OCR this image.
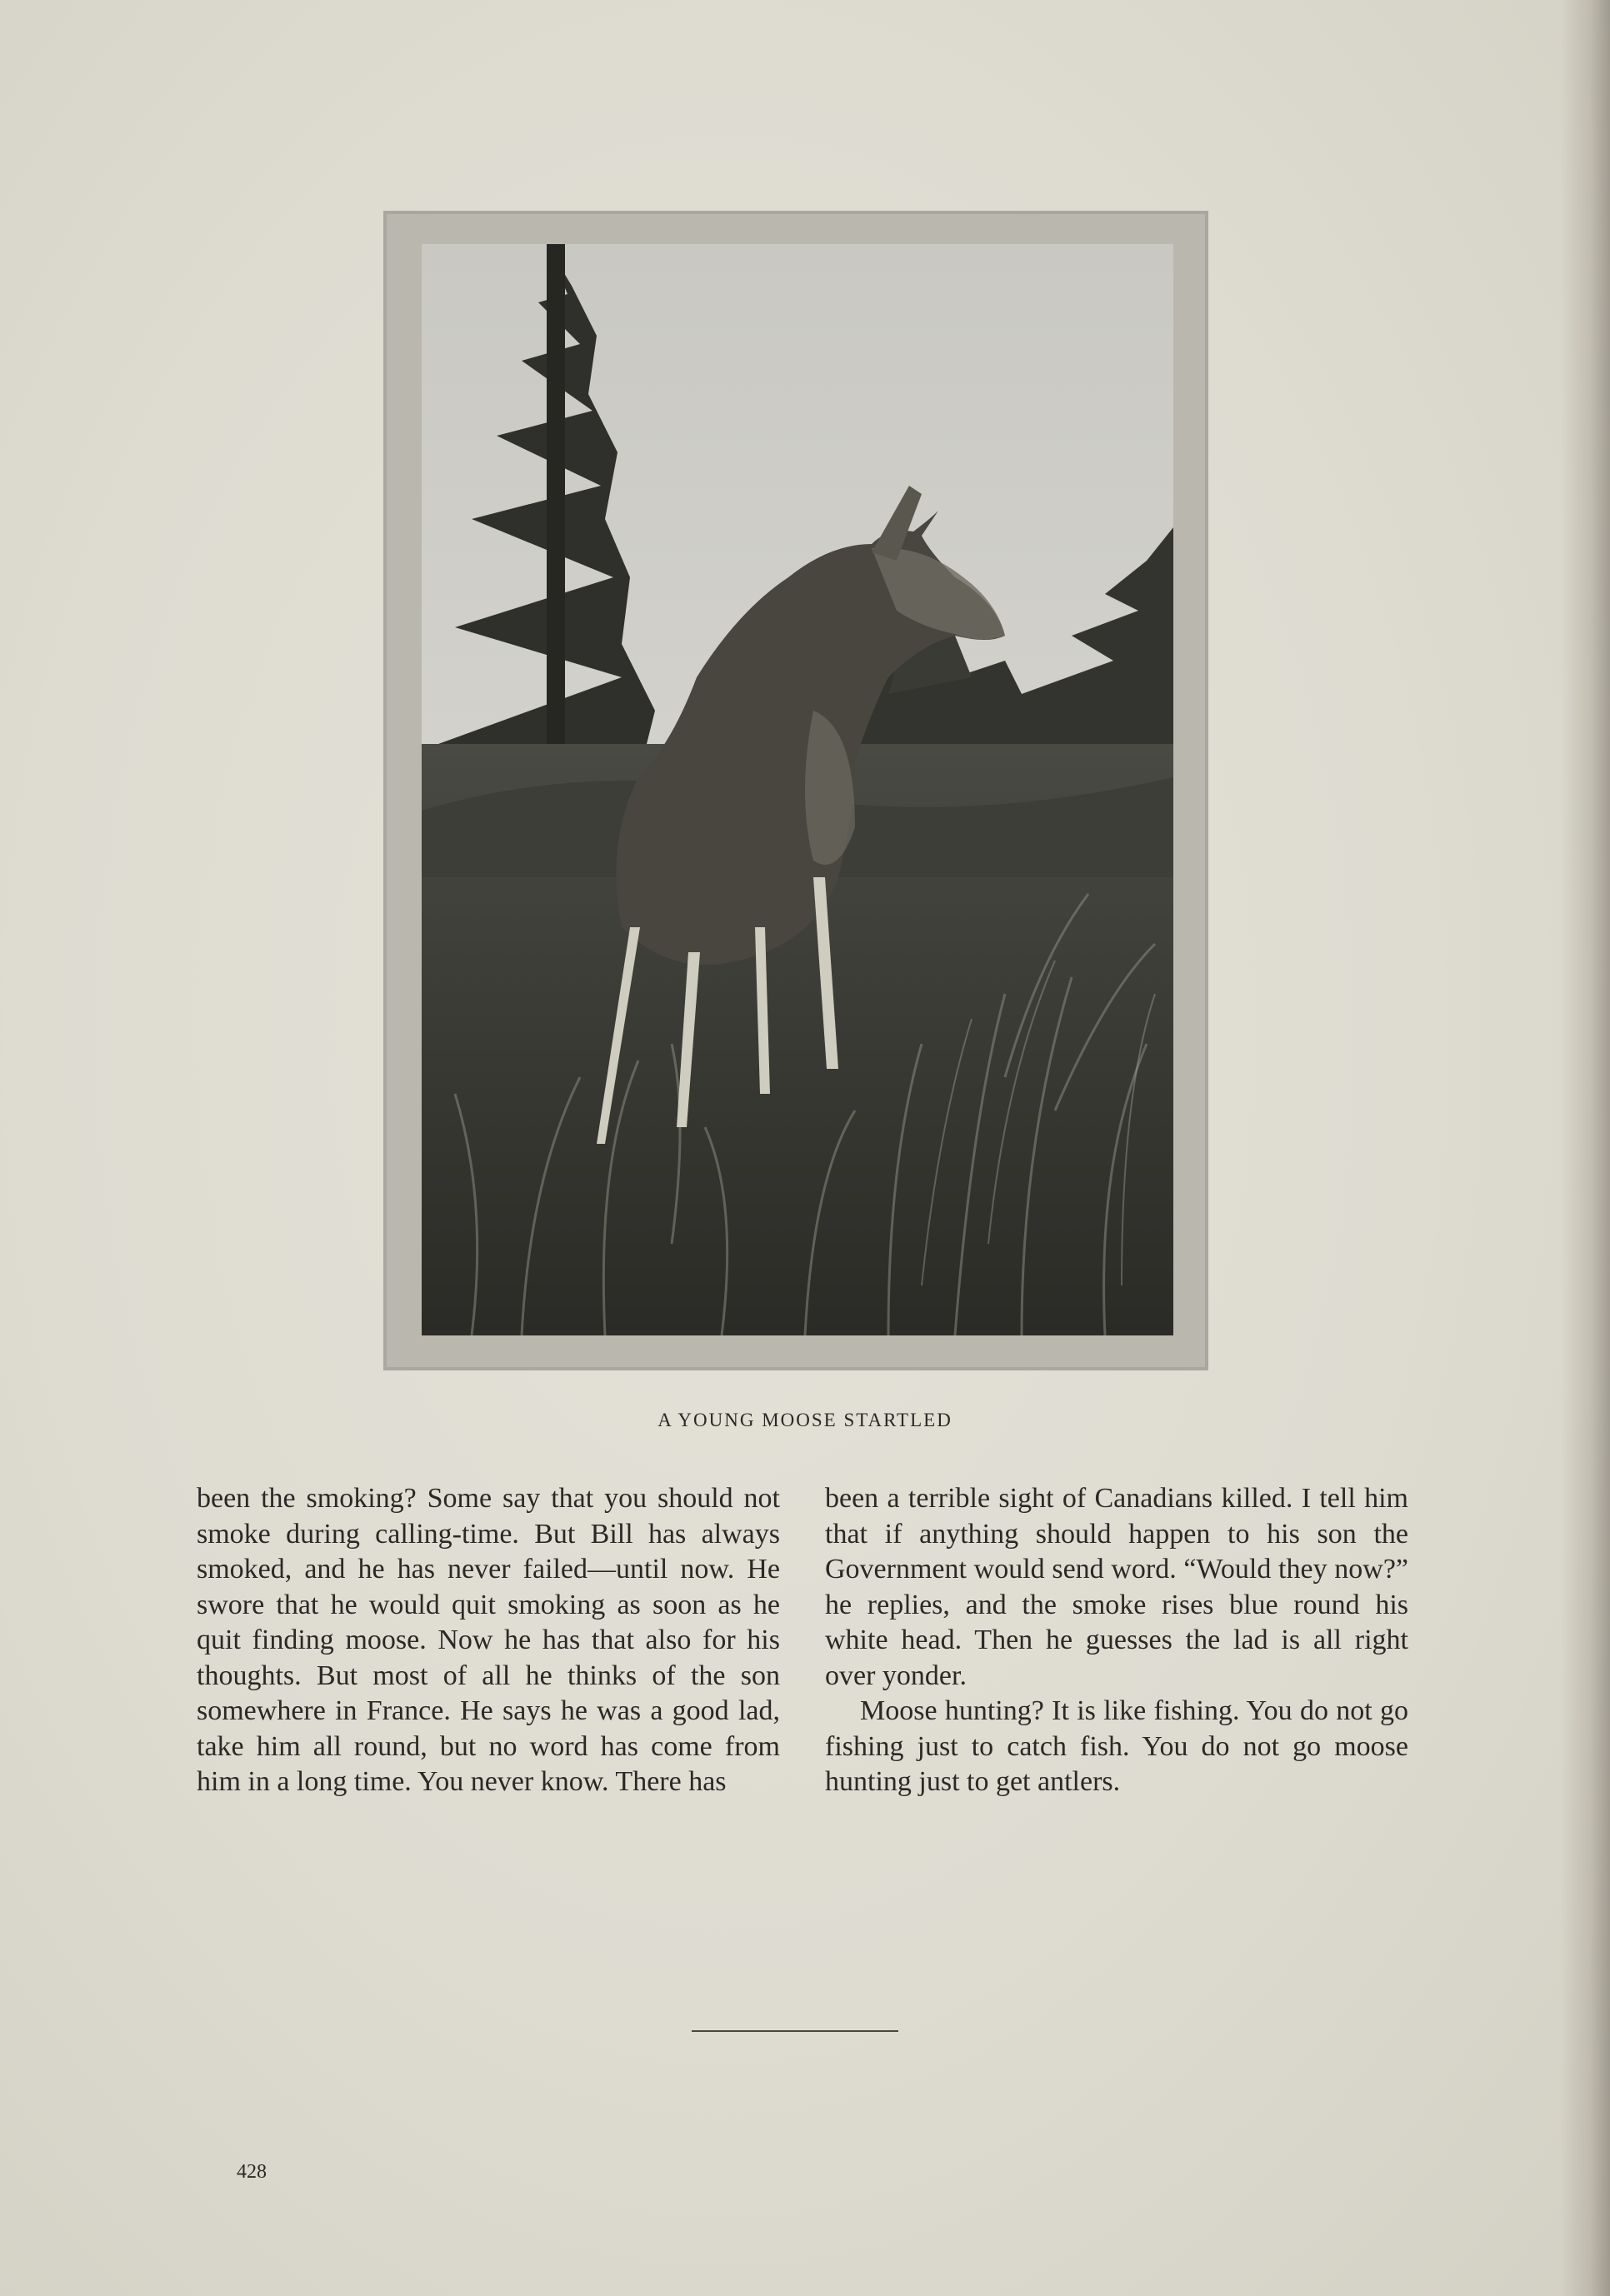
A YOUNG MOOSE STARTLED

been the smoking? Some say that you should not smoke during calling-time. But Bill has always smoked, and he has never failed—until now. He swore that he would quit smoking as soon as he quit finding moose. Now he has that also for his thoughts. But most of all he thinks of the son somewhere in France. He says he was a good lad, take him all round, but no word has come from him in a long time. You never know. There has

been a terrible sight of Canadians killed. I tell him that if anything should happen to his son the Government would send word. “Would they now?” he replies, and the smoke rises blue round his white head. Then he guesses the lad is all right over yonder.

Moose hunting? It is like fishing. You do not go fishing just to catch fish. You do not go moose hunting just to get antlers.

428
